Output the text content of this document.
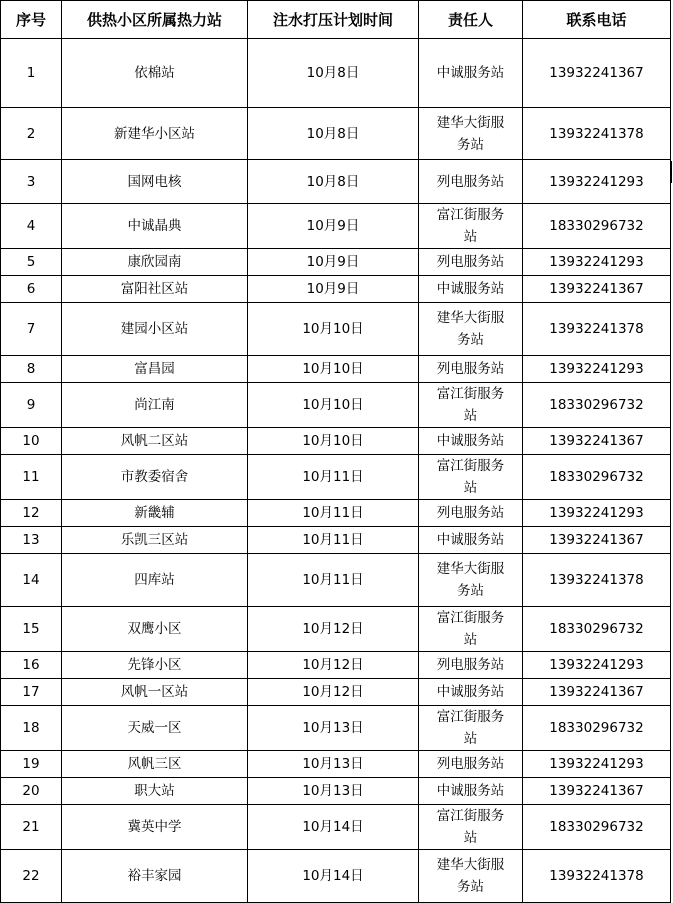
序号	供热小区所属热力站	注水打压计划时间	责任人	联系电话
1	依棉站	10月8日	中诚服务站	13932241367
2	新建华小区站	10月8日	建华大街服务站	13932241378
3	国网电核	10月8日	列电服务站	13932241293
4	中诚晶典	10月9日	富江街服务站	18330296732
5	康欣园南	10月9日	列电服务站	13932241293
6	富阳社区站	10月9日	中诚服务站	13932241367
7	建园小区站	10月10日	建华大街服务站	13932241378
8	富昌园	10月10日	列电服务站	13932241293
9	尚江南	10月10日	富江街服务站	18330296732
10	风帆二区站	10月10日	中诚服务站	13932241367
11	市教委宿舍	10月11日	富江街服务站	18330296732
12	新畿辅	10月11日	列电服务站	13932241293
13	乐凯三区站	10月11日	中诚服务站	13932241367
14	四库站	10月11日	建华大街服务站	13932241378
15	双鹰小区	10月12日	富江街服务站	18330296732
16	先锋小区	10月12日	列电服务站	13932241293
17	风帆一区站	10月12日	中诚服务站	13932241367
18	天威一区	10月13日	富江街服务站	18330296732
19	风帆三区	10月13日	列电服务站	13932241293
20	职大站	10月13日	中诚服务站	13932241367
21	冀英中学	10月14日	富江街服务站	18330296732
22	裕丰家园	10月14日	建华大街服务站	13932241378
